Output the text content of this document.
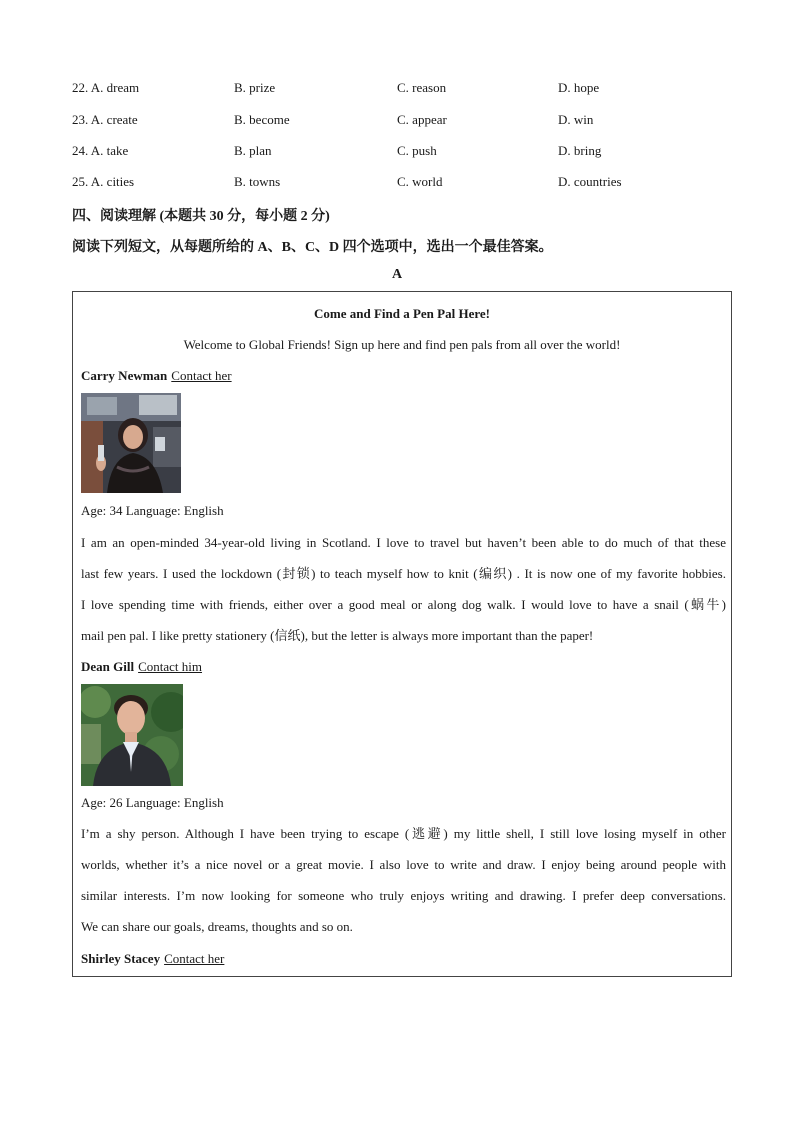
22. A. dream	B. prize	C. reason	D. hope
23. A. create	B. become	C. appear	D. win
24. A. take	B. plan	C. push	D. bring
25. A. cities	B. towns	C. world	D. countries
四、阅读理解 (本题共 30 分，每小题 2 分)
阅读下列短文，从每题所给的 A、B、C、D 四个选项中，选出一个最佳答案。
A
Come and Find a Pen Pal Here!
Welcome to Global Friends! Sign up here and find pen pals from all over the world!
Carry Newman Contact her
Age: 34 Language: English
I am an open-minded 34-year-old living in Scotland. I love to travel but haven’t been able to do much of that these
last few years. I used the lockdown (封锁) to teach myself how to knit (编织) . It is now one of my favorite hobbies.
I love spending time with friends, either over a good meal or along dog walk. I would love to have a snail (蜗牛)
mail pen pal. I like pretty stationery (信纸), but the letter is always more important than the paper!
Dean Gill Contact him
Age: 26 Language: English
I’m a shy person. Although I have been trying to escape (逃避) my little shell, I still love losing myself in other
worlds, whether it’s a nice novel or a great movie. I also love to write and draw. I enjoy being around people with
similar interests. I’m now looking for someone who truly enjoys writing and drawing. I prefer deep conversations.
We can share our goals, dreams, thoughts and so on.
Shirley Stacey Contact her
